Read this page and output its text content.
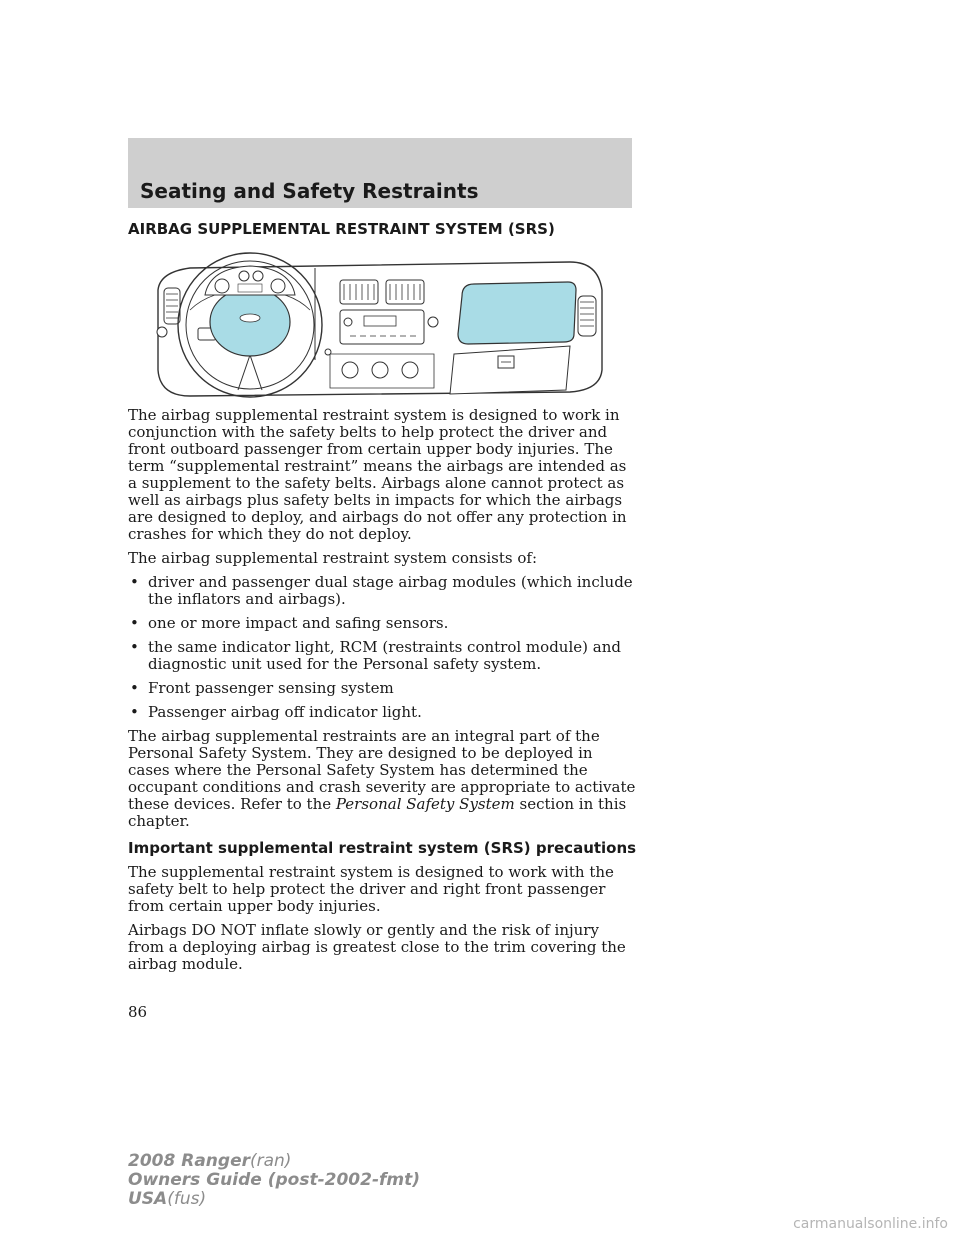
Seating and Safety Restraints
AIRBAG SUPPLEMENTAL RESTRAINT SYSTEM (SRS)

The airbag supplemental restraint system is designed to work in conjunction with the safety belts to help protect the driver and front outboard passenger from certain upper body injuries. The term “supplemental restraint” means the airbags are intended as a supplement to the safety belts. Airbags alone cannot protect as well as airbags plus safety belts in impacts for which the airbags are designed to deploy, and airbags do not offer any protection in crashes for which they do not deploy.

The airbag supplemental restraint system consists of:

• driver and passenger dual stage airbag modules (which include the inflators and airbags).
• one or more impact and safing sensors.
• the same indicator light, RCM (restraints control module) and diagnostic unit used for the Personal safety system.
• Front passenger sensing system
• Passenger airbag off indicator light.

The airbag supplemental restraints are an integral part of the Personal Safety System. They are designed to be deployed in cases where the Personal Safety System has determined the occupant conditions and crash severity are appropriate to activate these devices. Refer to the Personal Safety System section in this chapter.

Important supplemental restraint system (SRS) precautions

The supplemental restraint system is designed to work with the safety belt to help protect the driver and right front passenger from certain upper body injuries.

Airbags DO NOT inflate slowly or gently and the risk of injury from a deploying airbag is greatest close to the trim covering the airbag module.

86
2008 Ranger(ran)
Owners Guide (post-2002-fmt)
USA(fus)
carmanualsonline.info
